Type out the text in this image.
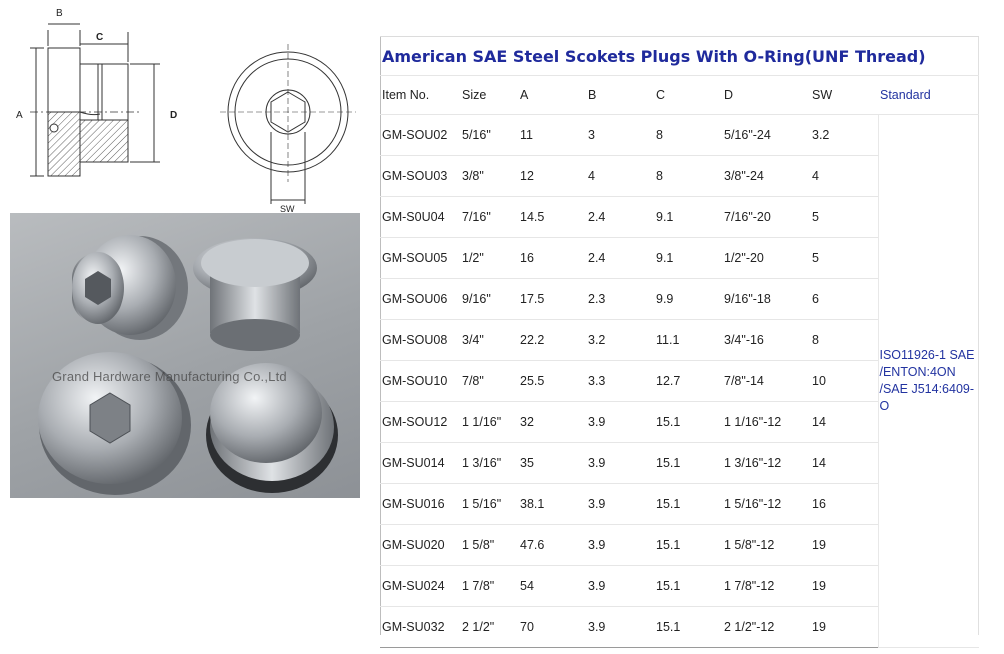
B
C
A	D
SW
Grand Hardware Manufacturing Co.,Ltd
American SAE Steel Scokets Plugs With O-Ring(UNF Thread)							
Item No.	Size	A	B	C	D	SW	Standard
GM-SOU02	5/16"	11	3	8	5/16"-24	3.2	ISO11926-1 SAE /ENTON:4ON /SAE J514:6409-O
GM-SOU03	3/8"	12	4	8	3/8"-24	4	
GM-S0U04	7/16"	14.5	2.4	9.1	7/16"-20	5	
GM-SOU05	1/2"	16	2.4	9.1	1/2"-20	5	
GM-SOU06	9/16"	17.5	2.3	9.9	9/16"-18	6	
GM-SOU08	3/4"	22.2	3.2	11.1	3/4"-16	8	
GM-SOU10	7/8"	25.5	3.3	12.7	7/8"-14	10	
GM-SOU12	1 1/16"	32	3.9	15.1	1 1/16"-12	14	
GM-SU014	1 3/16"	35	3.9	15.1	1 3/16"-12	14	
GM-SU016	1 5/16"	38.1	3.9	15.1	1 5/16"-12	16	
GM-SU020	1 5/8"	47.6	3.9	15.1	1 5/8"-12	19	
GM-SU024	1 7/8"	54	3.9	15.1	1 7/8"-12	19	
GM-SU032	2 1/2"	70	3.9	15.1	2 1/2"-12	19	
